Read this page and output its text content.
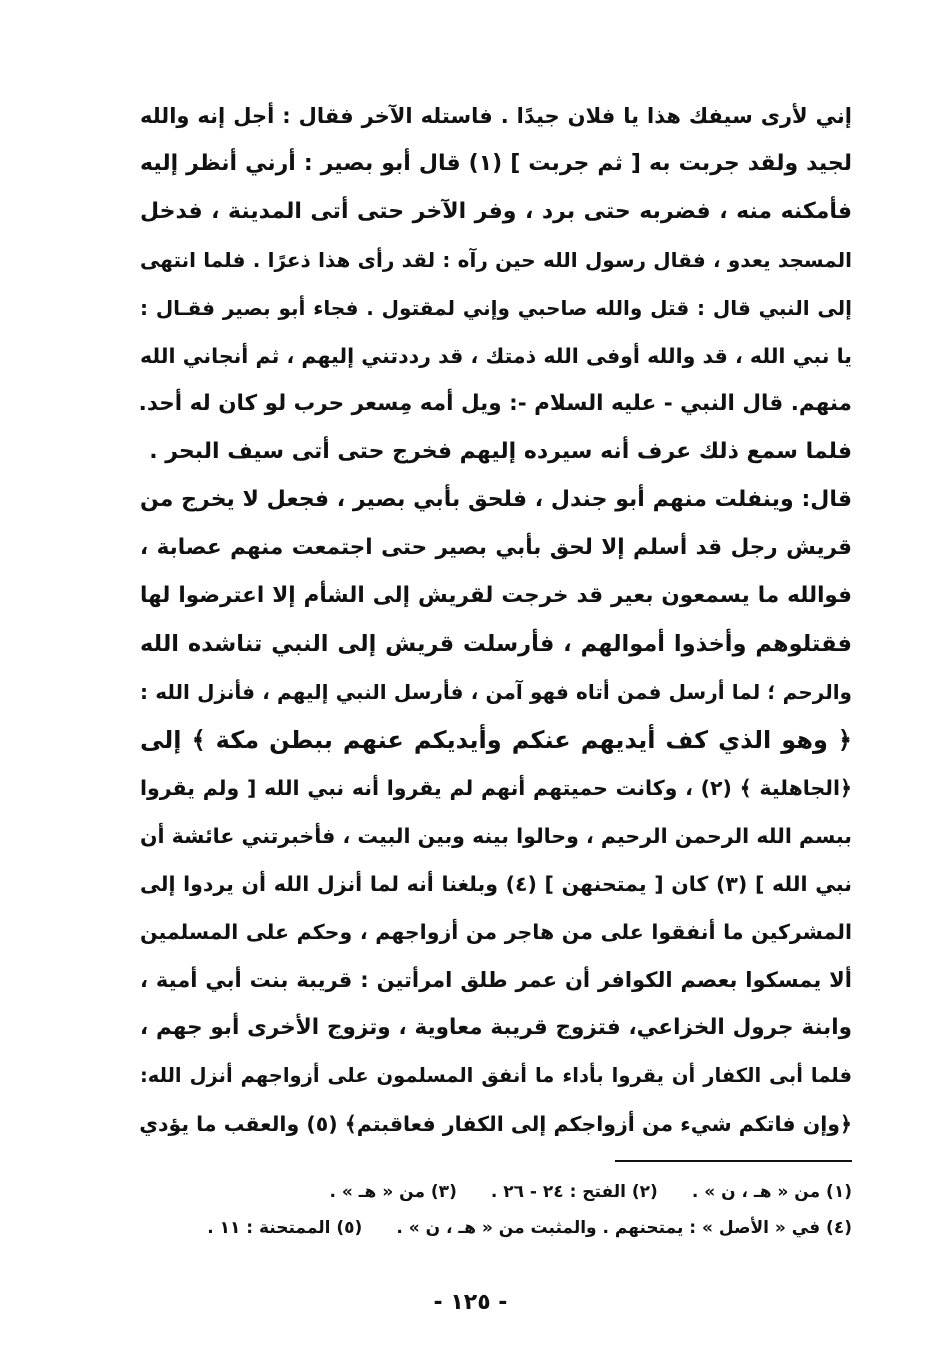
إني لأرى سيفك هذا يا فلان جيدًا . فاستله الآخر فقال : أجل إنه والله
لجيد ولقد جربت به [ ثم جربت ] (١) قال أبو بصير : أرني أنظر إليه
فأمكنه منه ، فضربه حتى برد ، وفر الآخر حتى أتى المدينة ، فدخل
المسجد يعدو ، فقال رسول الله حين رآه : لقد رأى هذا ذعرًا . فلما انتهى
إلى النبي قال : قتل والله صاحبي وإني لمقتول . فجاء أبو بصير فقـال :
يا نبي الله ، قد والله أوفى الله ذمتك ، قد رددتني إليهم ، ثم أنجاني الله
منهم. قال النبي - عليه السلام -: ويل أمه مِسعر حرب لو كان له أحد.
فلما سمع ذلك عرف أنه سيرده إليهم فخرج حتى أتى سيف البحر .
قال: وينفلت منهم أبو جندل ، فلحق بأبي بصير ، فجعل لا يخرج من
قريش رجل قد أسلم إلا لحق بأبي بصير حتى اجتمعت منهم عصابة ،
فوالله ما يسمعون بعير قد خرجت لقريش إلى الشأم إلا اعترضوا لها
فقتلوهم وأخذوا أموالهم ، فأرسلت قريش إلى النبي تناشده الله
والرحم ؛ لما أرسل فمن أتاه فهو آمن ، فأرسل النبي إليهم ، فأنزل الله :
﴿ وهو الذي كف أيديهم عنكم وأيديكم عنهم ببطن مكة ﴾ إلى
﴿الجاهلية ﴾ (٢) ، وكانت حميتهم أنهم لم يقروا أنه نبي الله [ ولم يقروا
ببسم الله الرحمن الرحيم ، وحالوا بينه وبين البيت ، فأخبرتني عائشة أن
نبي الله ] (٣) كان [ يمتحنهن ] (٤) وبلغنا أنه لما أنزل الله أن يردوا إلى
المشركين ما أنفقوا على من هاجر من أزواجهم ، وحكم على المسلمين
ألا يمسكوا بعصم الكوافر أن عمر طلق امرأتين : قريبة بنت أبي أمية ،
وابنة جرول الخزاعي، فتزوج قريبة معاوية ، وتزوج الأخرى أبو جهم ،
فلما أبى الكفار أن يقروا بأداء ما أنفق المسلمون على أزواجهم أنزل الله:
﴿وإن فاتكم شيء من أزواجكم إلى الكفار فعاقبتم﴾ (٥) والعقب ما يؤدي
(١) من « هـ ، ن » .
(٢) الفتح : ٢٤ - ٢٦ .
(٣) من « هـ » .
(٤) في « الأصل » : يمتحنهم . والمثبت من « هـ ، ن » .
(٥) الممتحنة : ١١ .
- ١٢٥ -
